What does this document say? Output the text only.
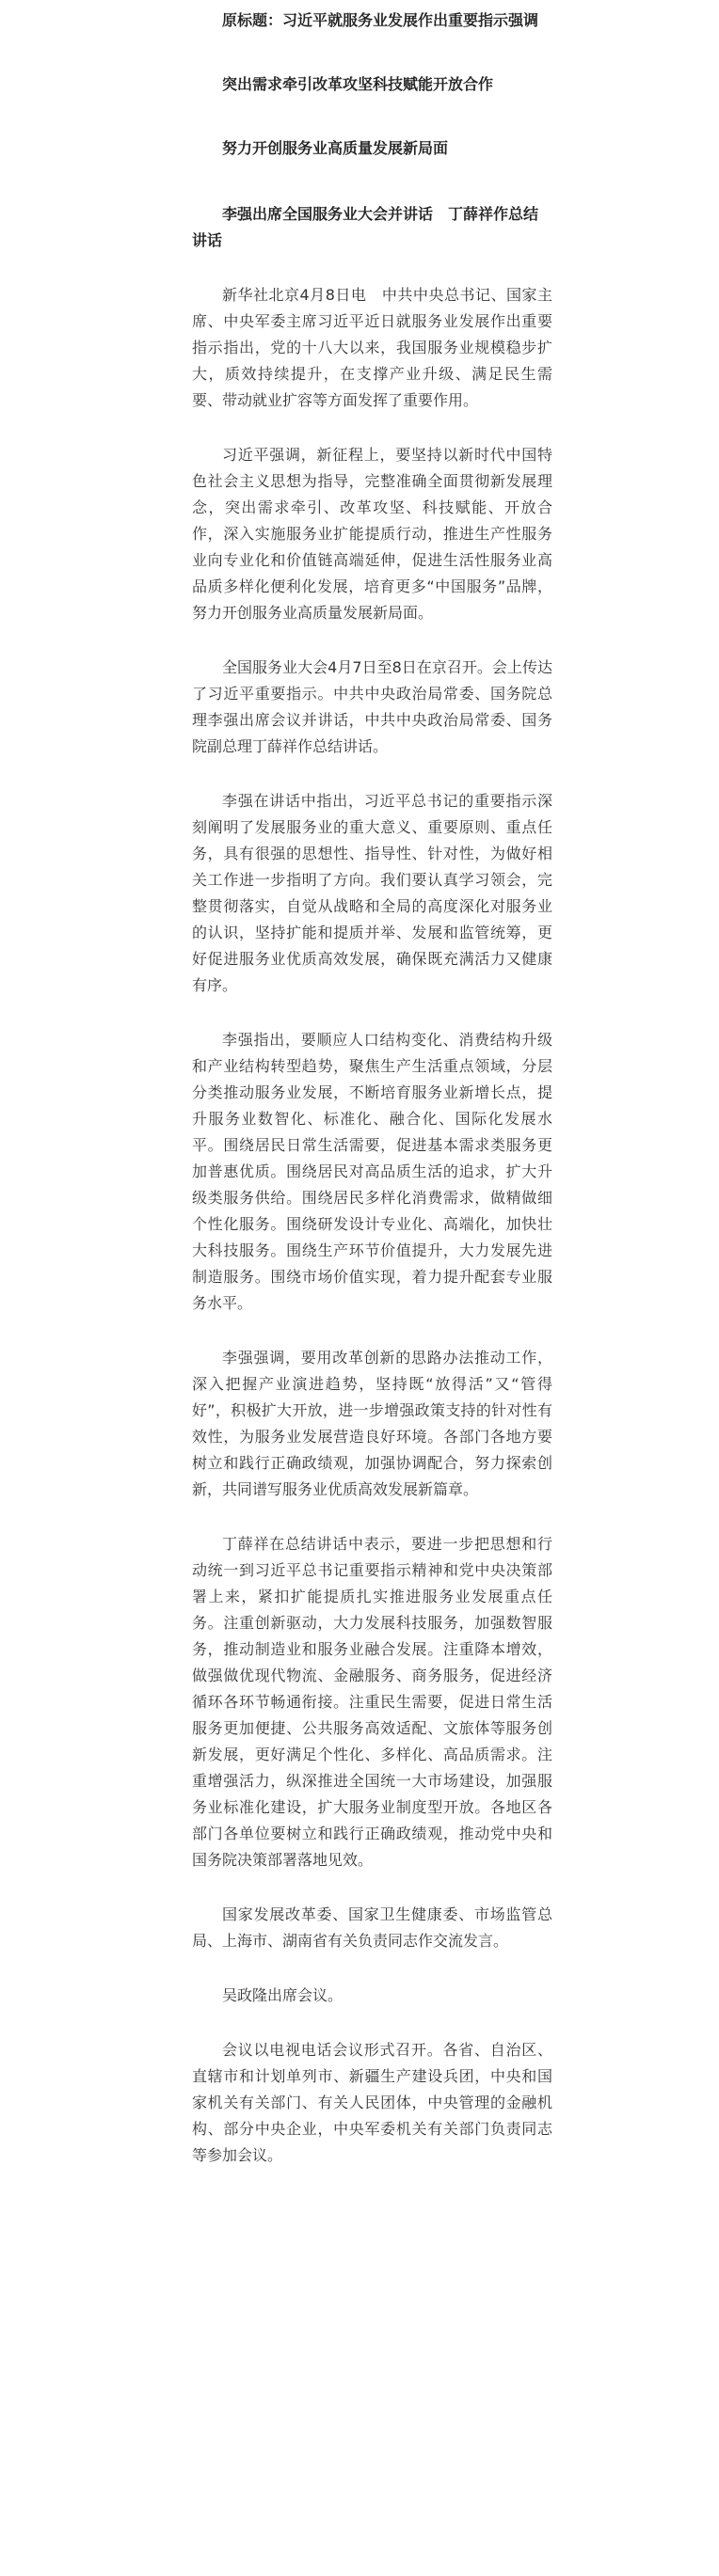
原标题：习近平就服务业发展作出重要指示强调

突出需求牵引改革攻坚科技赋能开放合作

努力开创服务业高质量发展新局面

李强出席全国服务业大会并讲话　丁薛祥作总结讲话

新华社北京4月8日电　中共中央总书记、国家主席、中央军委主席习近平近日就服务业发展作出重要指示指出，党的十八大以来，我国服务业规模稳步扩大，质效持续提升，在支撑产业升级、满足民生需要、带动就业扩容等方面发挥了重要作用。

习近平强调，新征程上，要坚持以新时代中国特色社会主义思想为指导，完整准确全面贯彻新发展理念，突出需求牵引、改革攻坚、科技赋能、开放合作，深入实施服务业扩能提质行动，推进生产性服务业向专业化和价值链高端延伸，促进生活性服务业高品质多样化便利化发展，培育更多“中国服务”品牌，努力开创服务业高质量发展新局面。

全国服务业大会4月7日至8日在京召开。会上传达了习近平重要指示。中共中央政治局常委、国务院总理李强出席会议并讲话，中共中央政治局常委、国务院副总理丁薛祥作总结讲话。

李强在讲话中指出，习近平总书记的重要指示深刻阐明了发展服务业的重大意义、重要原则、重点任务，具有很强的思想性、指导性、针对性，为做好相关工作进一步指明了方向。我们要认真学习领会，完整贯彻落实，自觉从战略和全局的高度深化对服务业的认识，坚持扩能和提质并举、发展和监管统筹，更好促进服务业优质高效发展，确保既充满活力又健康有序。

李强指出，要顺应人口结构变化、消费结构升级和产业结构转型趋势，聚焦生产生活重点领域，分层分类推动服务业发展，不断培育服务业新增长点，提升服务业数智化、标准化、融合化、国际化发展水平。围绕居民日常生活需要，促进基本需求类服务更加普惠优质。围绕居民对高品质生活的追求，扩大升级类服务供给。围绕居民多样化消费需求，做精做细个性化服务。围绕研发设计专业化、高端化，加快壮大科技服务。围绕生产环节价值提升，大力发展先进制造服务。围绕市场价值实现，着力提升配套专业服务水平。

李强强调，要用改革创新的思路办法推动工作，深入把握产业演进趋势，坚持既“放得活”又“管得好”，积极扩大开放，进一步增强政策支持的针对性有效性，为服务业发展营造良好环境。各部门各地方要树立和践行正确政绩观，加强协调配合，努力探索创新，共同谱写服务业优质高效发展新篇章。

丁薛祥在总结讲话中表示，要进一步把思想和行动统一到习近平总书记重要指示精神和党中央决策部署上来，紧扣扩能提质扎实推进服务业发展重点任务。注重创新驱动，大力发展科技服务，加强数智服务，推动制造业和服务业融合发展。注重降本增效，做强做优现代物流、金融服务、商务服务，促进经济循环各环节畅通衔接。注重民生需要，促进日常生活服务更加便捷、公共服务高效适配、文旅体等服务创新发展，更好满足个性化、多样化、高品质需求。注重增强活力，纵深推进全国统一大市场建设，加强服务业标准化建设，扩大服务业制度型开放。各地区各部门各单位要树立和践行正确政绩观，推动党中央和国务院决策部署落地见效。

国家发展改革委、国家卫生健康委、市场监管总局、上海市、湖南省有关负责同志作交流发言。

吴政隆出席会议。

会议以电视电话会议形式召开。各省、自治区、直辖市和计划单列市、新疆生产建设兵团，中央和国家机关有关部门、有关人民团体，中央管理的金融机构、部分中央企业，中央军委机关有关部门负责同志等参加会议。
